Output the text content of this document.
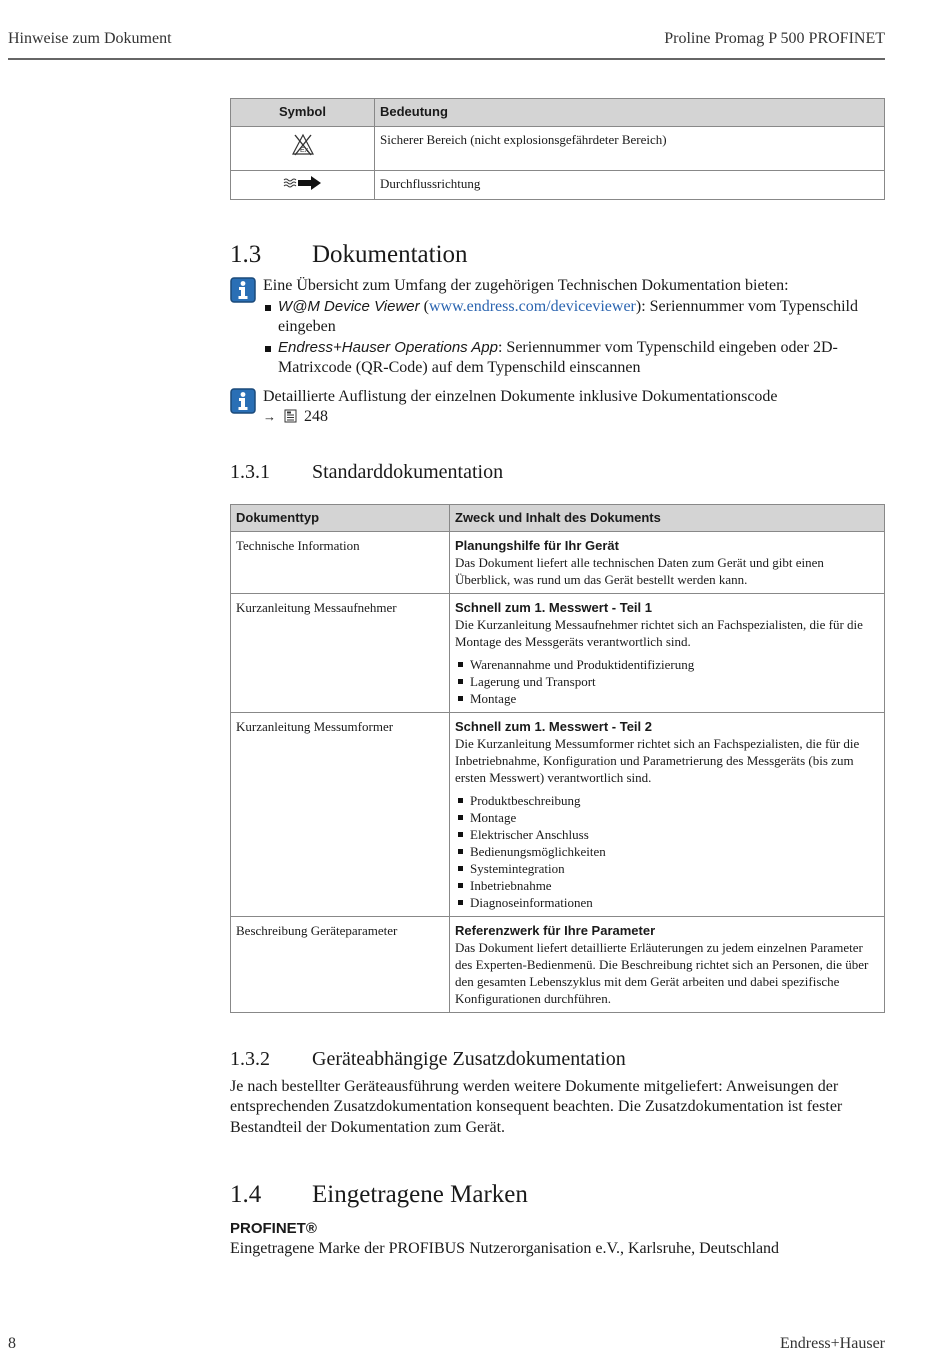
Hinweise zum Dokument	Proline Promag P 500 PROFINET
Symbol	Bedeutung

Ex	Sicherer Bereich (nicht explosionsgefährdeter Bereich)
	Durchflussrichtung
1.3	Dokumentation
Eine Übersicht zum Umfang der zugehörigen Technischen Dokumentation bieten:
W@M Device Viewer (www.endress.com/deviceviewer): Seriennummer vom Typenschild eingeben
Endress+Hauser Operations App: Seriennummer vom Typenschild eingeben oder 2D-Matrixcode (QR-Code) auf dem Typenschild einscannen
Detaillierte Auflistung der einzelnen Dokumente inklusive Dokumentationscode
→ 248
1.3.1	Standarddokumentation
Dokumenttyp	Zweck und Inhalt des Dokuments
Technische Information	Planungshilfe für Ihr Gerät
Das Dokument liefert alle technischen Daten zum Gerät und gibt einen Überblick, was rund um das Gerät bestellt werden kann.

Kurzanleitung Messaufnehmer	Schnell zum 1. Messwert - Teil 1
Die Kurzanleitung Messaufnehmer richtet sich an Fachspezialisten, die für die Montage des Messgeräts verantwortlich sind.
Warenannahme und Produktidentifizierung
Lagerung und Transport
Montage

Kurzanleitung Messumformer	Schnell zum 1. Messwert - Teil 2
Die Kurzanleitung Messumformer richtet sich an Fachspezialisten, die für die Inbetriebnahme, Konfiguration und Parametrierung des Messgeräts (bis zum ersten Messwert) verantwortlich sind.
Produktbeschreibung
Montage
Elektrischer Anschluss
Bedienungsmöglichkeiten
Systemintegration
Inbetriebnahme
Diagnoseinformationen

Beschreibung Geräteparameter	Referenzwerk für Ihre Parameter
Das Dokument liefert detaillierte Erläuterungen zu jedem einzelnen Parameter des Experten-Bedienmenü. Die Beschreibung richtet sich an Personen, die über den gesamten Lebenszyklus mit dem Gerät arbeiten und dabei spezifische Konfigurationen durchführen.
1.3.2	Geräteabhängige Zusatzdokumentation
Je nach bestellter Geräteausführung werden weitere Dokumente mitgeliefert: Anweisungen der entsprechenden Zusatzdokumentation konsequent beachten. Die Zusatzdokumentation ist fester Bestandteil der Dokumentation zum Gerät.
1.4	Eingetragene Marken
PROFINET®
Eingetragene Marke der PROFIBUS Nutzerorganisation e.V., Karlsruhe, Deutschland
8	Endress+Hauser
